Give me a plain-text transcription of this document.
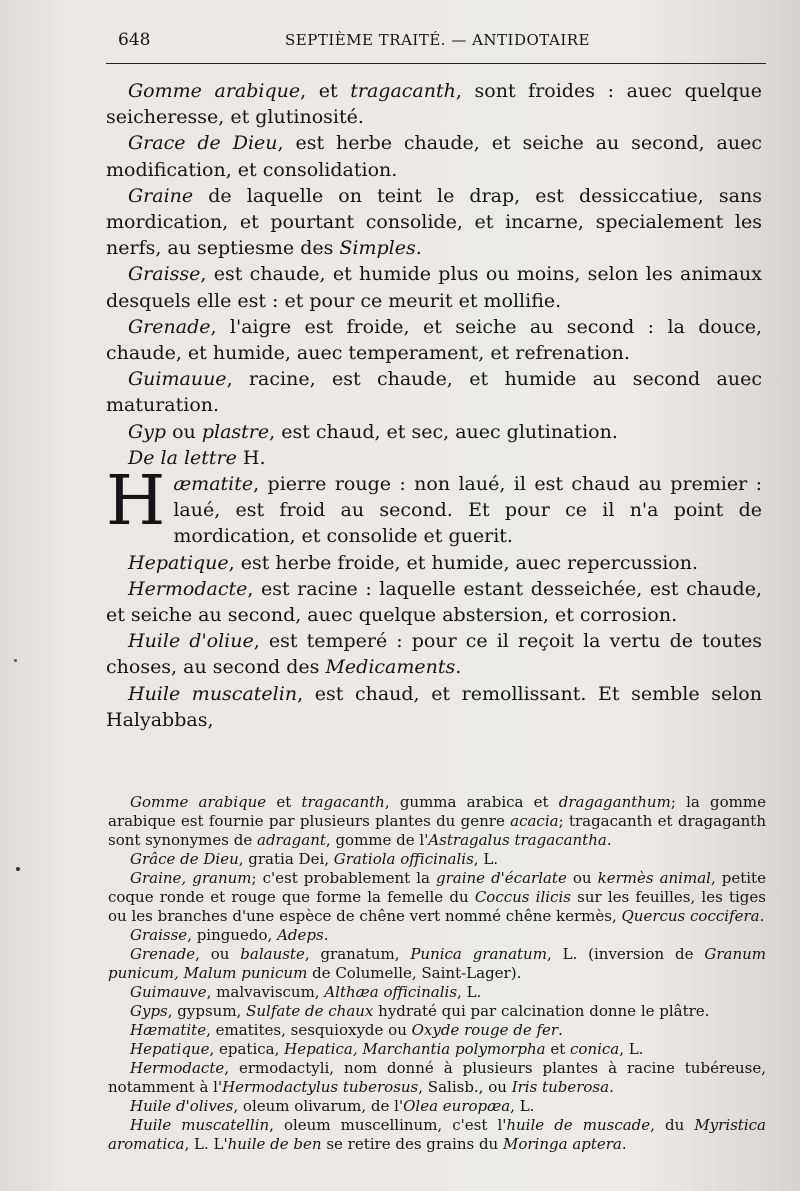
648	SEPTIÈME TRAITÉ. — ANTIDOTAIRE

Gomme arabique, et tragacanth, sont froides : auec quelque seicheresse, et glutinosité.

Grace de Dieu, est herbe chaude, et seiche au second, auec modification, et consolidation.

Graine de laquelle on teint le drap, est dessiccatiue, sans mordication, et pourtant consolide, et incarne, specialement les nerfs, au septiesme des Simples.

Graisse, est chaude, et humide plus ou moins, selon les animaux desquels elle est : et pour ce meurit et mollifie.

Grenade, l'aigre est froide, et seiche au second : la douce, chaude, et humide, auec temperament, et refrenation.

Guimauue, racine, est chaude, et humide au second auec maturation.

Gyp ou plastre, est chaud, et sec, auec glutination.

De la lettre H.

Hæmatite, pierre rouge : non laué, il est chaud au premier : laué, est froid au second. Et pour ce il n'a point de mordication, et consolide et guerit.

Hepatique, est herbe froide, et humide, auec repercussion.

Hermodacte, est racine : laquelle estant desseichée, est chaude, et seiche au second, auec quelque abstersion, et corrosion.

Huile d'oliue, est temperé : pour ce il reçoit la vertu de toutes choses, au second des Medicaments.

Huile muscatelin, est chaud, et remollissant. Et semble selon Halyabbas,

Gomme arabique et tragacanth, gumma arabica et dragaganthum; la gomme arabique est fournie par plusieurs plantes du genre acacia; tragacanth et dragaganth sont synonymes de adragant, gomme de l'Astragalus tragacantha.

Grâce de Dieu, gratia Dei, Gratiola officinalis, L.

Graine, granum; c'est probablement la graine d'écarlate ou kermès animal, petite coque ronde et rouge que forme la femelle du Coccus ilicis sur les feuilles, les tiges ou les branches d'une espèce de chêne vert nommé chêne kermès, Quercus coccifera.

Graisse, pinguedo, Adeps.

Grenade, ou balauste, granatum, Punica granatum, L. (inversion de Granum punicum, Malum punicum de Columelle, Saint-Lager).

Guimauve, malvaviscum, Althæa officinalis, L.

Gyps, gypsum, Sulfate de chaux hydraté qui par calcination donne le plâtre.

Hæmatite, ematites, sesquioxyde ou Oxyde rouge de fer.

Hepatique, epatica, Hepatica, Marchantia polymorpha et conica, L.

Hermodacte, ermodactyli, nom donné à plusieurs plantes à racine tubéreuse, notamment à l'Hermodactylus tuberosus, Salisb., ou Iris tuberosa.

Huile d'olives, oleum olivarum, de l'Olea europæa, L.

Huile muscatellin, oleum muscellinum, c'est l'huile de muscade, du Myristica aromatica, L. L'huile de ben se retire des grains du Moringa aptera.
